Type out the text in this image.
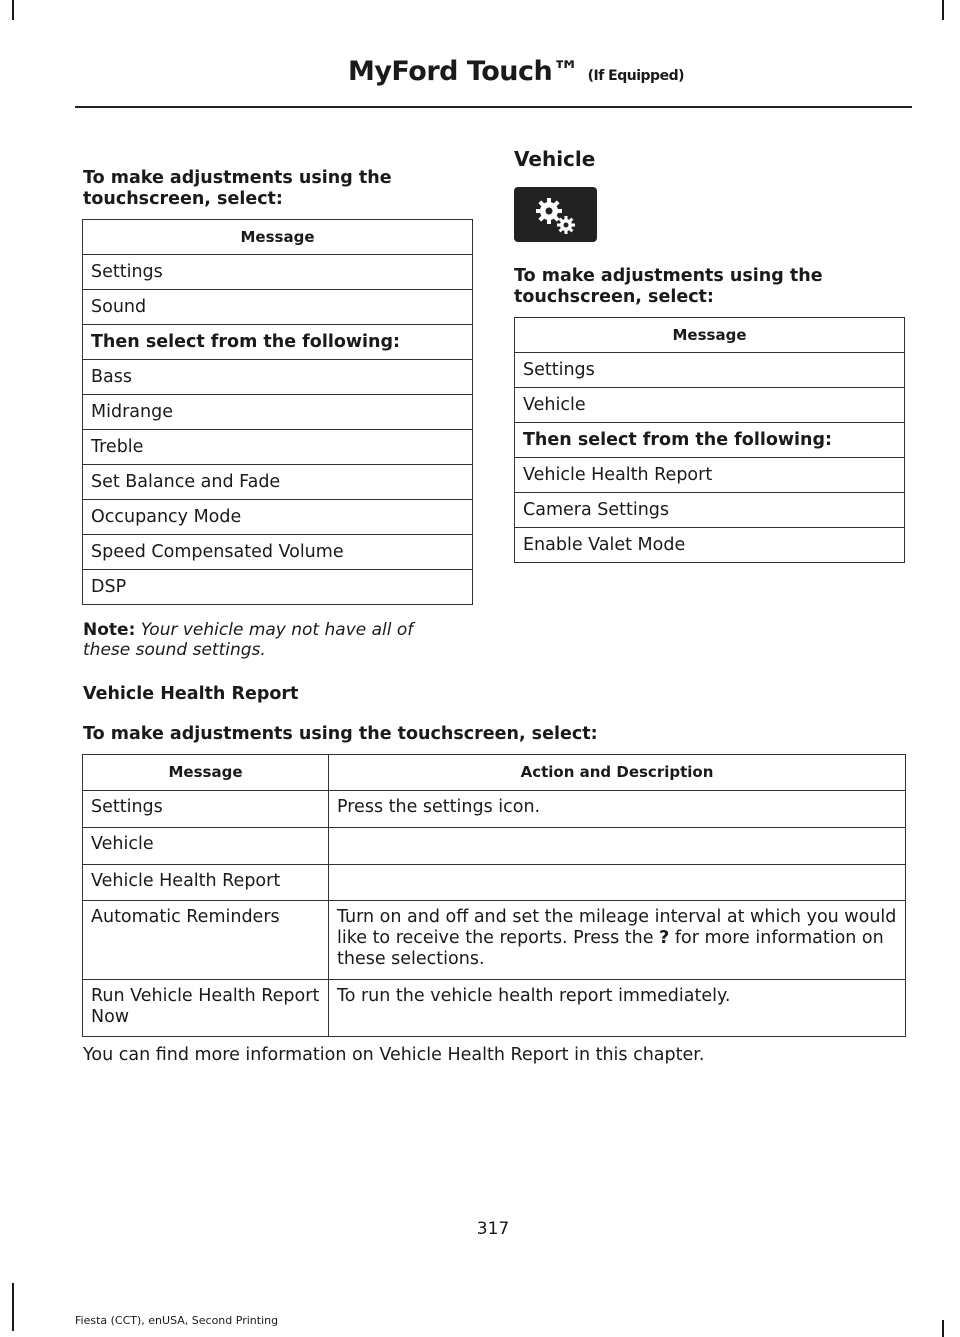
MyFord Touch™ (If Equipped)
To make adjustments using the touchscreen, select:
Message
Settings
Sound
Then select from the following:
Bass
Midrange
Treble
Set Balance and Fade
Occupancy Mode
Speed Compensated Volume
DSP
Note: Your vehicle may not have all of these sound settings.
Vehicle
To make adjustments using the touchscreen, select:
Message
Settings
Vehicle
Then select from the following:
Vehicle Health Report
Camera Settings
Enable Valet Mode
Vehicle Health Report
To make adjustments using the touchscreen, select:
Message	Action and Description
Settings	Press the settings icon.
Vehicle	
Vehicle Health Report	
Automatic Reminders	Turn on and off and set the mileage interval at which you would like to receive the reports. Press the ? for more information on these selections.
Run Vehicle Health Report Now	To run the vehicle health report immediately.
You can find more information on Vehicle Health Report in this chapter.
317
Fiesta (CCT), enUSA, Second Printing
